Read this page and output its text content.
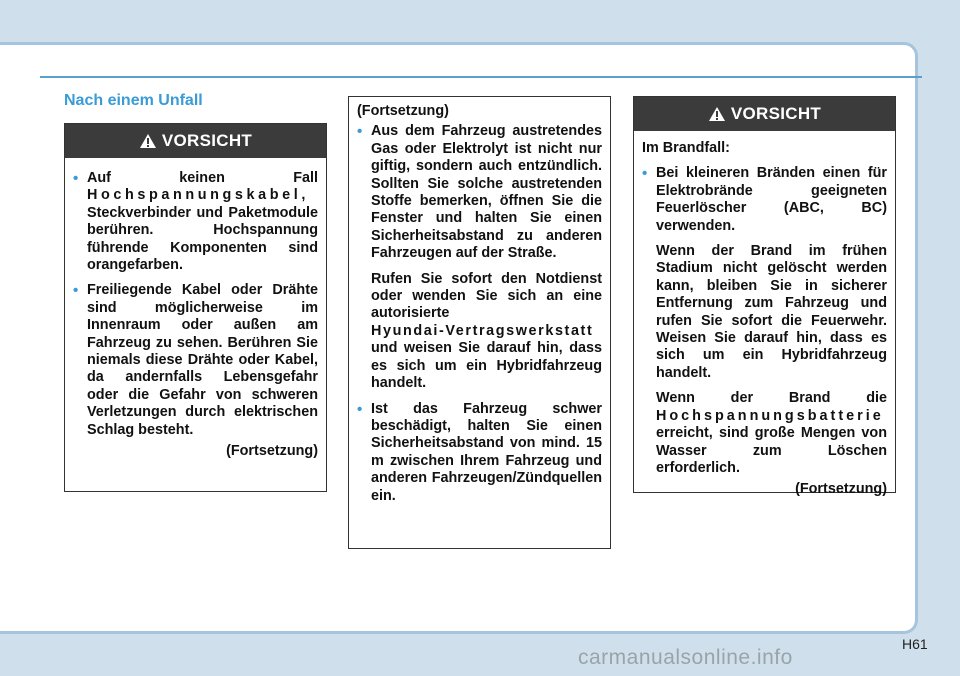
Nach einem Unfall
VORSICHT
• Auf keinen Fall
Hochspannungskabel,
Steckverbinder und Paketmodule berühren. Hochspannung führende Komponenten sind orangefarben.
• Freiliegende Kabel oder Drähte sind möglicherweise im Innenraum oder außen am Fahrzeug zu sehen. Berühren Sie niemals diese Drähte oder Kabel, da andernfalls Lebensgefahr oder die Gefahr von schweren Verletzungen durch elektrischen Schlag besteht.
(Fortsetzung)
(Fortsetzung)
• Aus dem Fahrzeug austretendes Gas oder Elektrolyt ist nicht nur giftig, sondern auch entzündlich. Sollten Sie solche austretenden Stoffe bemerken, öffnen Sie die Fenster und halten Sie einen Sicherheitsabstand zu anderen Fahrzeugen auf der Straße.
Rufen Sie sofort den Notdienst oder wenden Sie sich an eine autorisierte
Hyundai-Vertragswerkstatt
und weisen Sie darauf hin, dass es sich um ein Hybridfahrzeug handelt.
• Ist das Fahrzeug schwer beschädigt, halten Sie einen Sicherheitsabstand von mind. 15 m zwischen Ihrem Fahrzeug und anderen Fahrzeugen/Zündquellen ein.
VORSICHT
Im Brandfall:
• Bei kleineren Bränden einen für Elektrobrände geeigneten Feuerlöscher (ABC, BC) verwenden.
Wenn der Brand im frühen Stadium nicht gelöscht werden kann, bleiben Sie in sicherer Entfernung zum Fahrzeug und rufen Sie sofort die Feuerwehr. Weisen Sie darauf hin, dass es sich um ein Hybridfahrzeug handelt.
Wenn der Brand die
Hochspannungsbatterie
erreicht, sind große Mengen von Wasser zum Löschen erforderlich.
(Fortsetzung)
H61
carmanualsonline.info
